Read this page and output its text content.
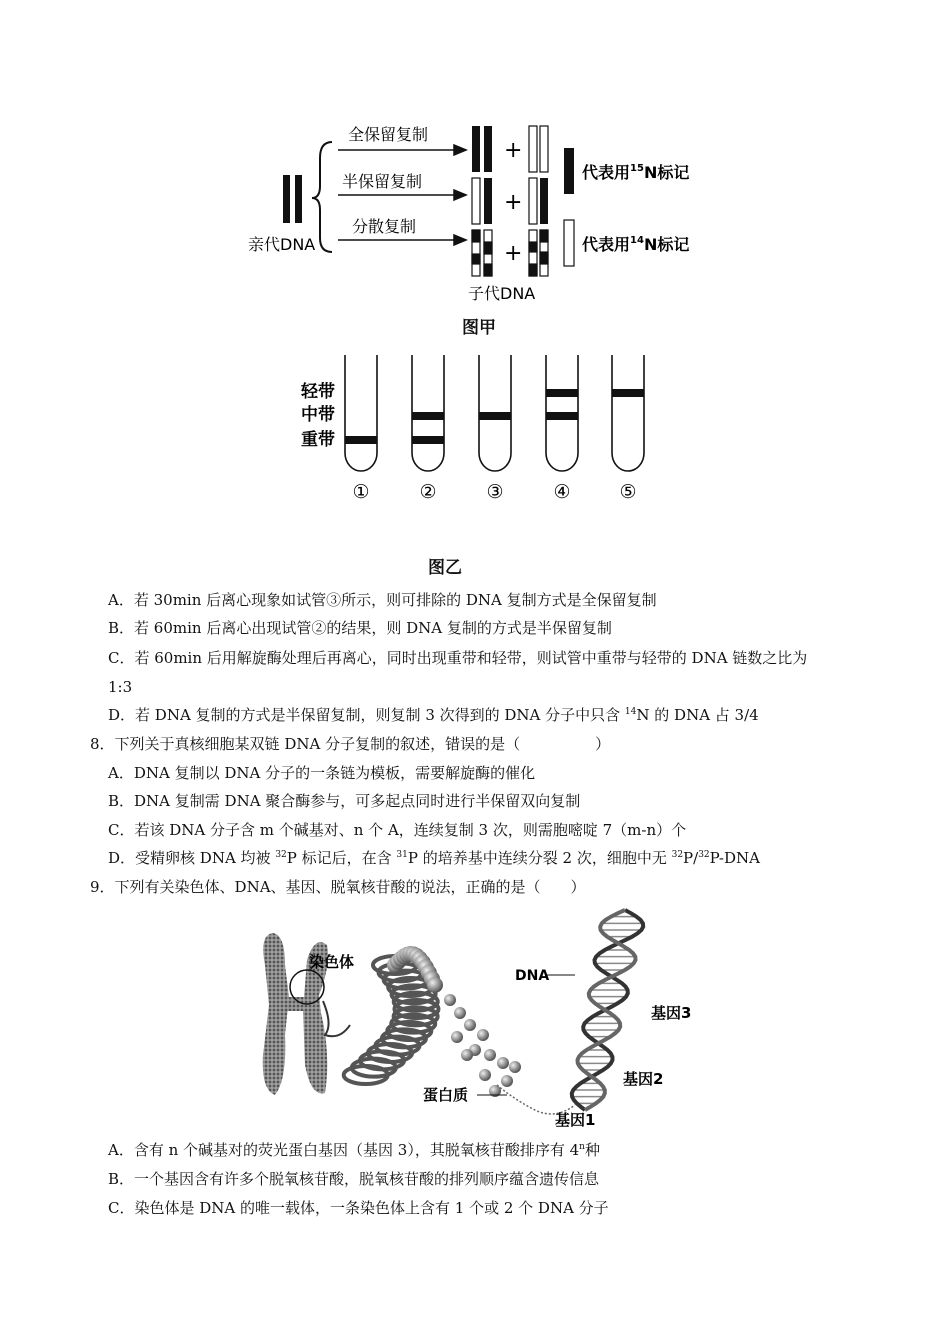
亲代DNA
全保留复制
半保留复制
分散复制
+
+
+
子代DNA
代表用$^{15}$N标记
代表用$^{14}$N标记
图甲
轻带
中带
重带
①	②	③	④	⑤
图乙
A．若 30min 后离心现象如试管③所示，则可排除的 DNA 复制方式是全保留复制
B．若 60min 后离心出现试管②的结果，则 DNA 复制的方式是半保留复制
C．若 60min 后用解旋酶处理后再离心，同时出现重带和轻带，则试管中重带与轻带的 DNA 链数之比为
1:3
D．若 DNA 复制的方式是半保留复制，则复制 3 次得到的 DNA 分子中只含 $^{14}$N 的 DNA 占 3/4
8．下列关于真核细胞某双链 DNA 分子复制的叙述，错误的是（　　　　　）
A．DNA 复制以 DNA 分子的一条链为模板，需要解旋酶的催化
B．DNA 复制需 DNA 聚合酶参与，可多起点同时进行半保留双向复制
C．若该 DNA 分子含 m 个碱基对、n 个 A，连续复制 3 次，则需胞嘧啶 7（m-n）个
D．受精卵核 DNA 均被 $^{32}$P 标记后，在含 $^{31}$P 的培养基中连续分裂 2 次，细胞中无 $^{32}$P/$^{32}$P-DNA
9．下列有关染色体、DNA、基因、脱氧核苷酸的说法，正确的是（　　）
染色体
DNA
基因3
基因2
基因1
蛋白质
A．含有 n 个碱基对的荧光蛋白基因（基因 3），其脱氧核苷酸排序有 4$^n$种
B．一个基因含有许多个脱氧核苷酸，脱氧核苷酸的排列顺序蕴含遗传信息
C．染色体是 DNA 的唯一载体，一条染色体上含有 1 个或 2 个 DNA 分子
